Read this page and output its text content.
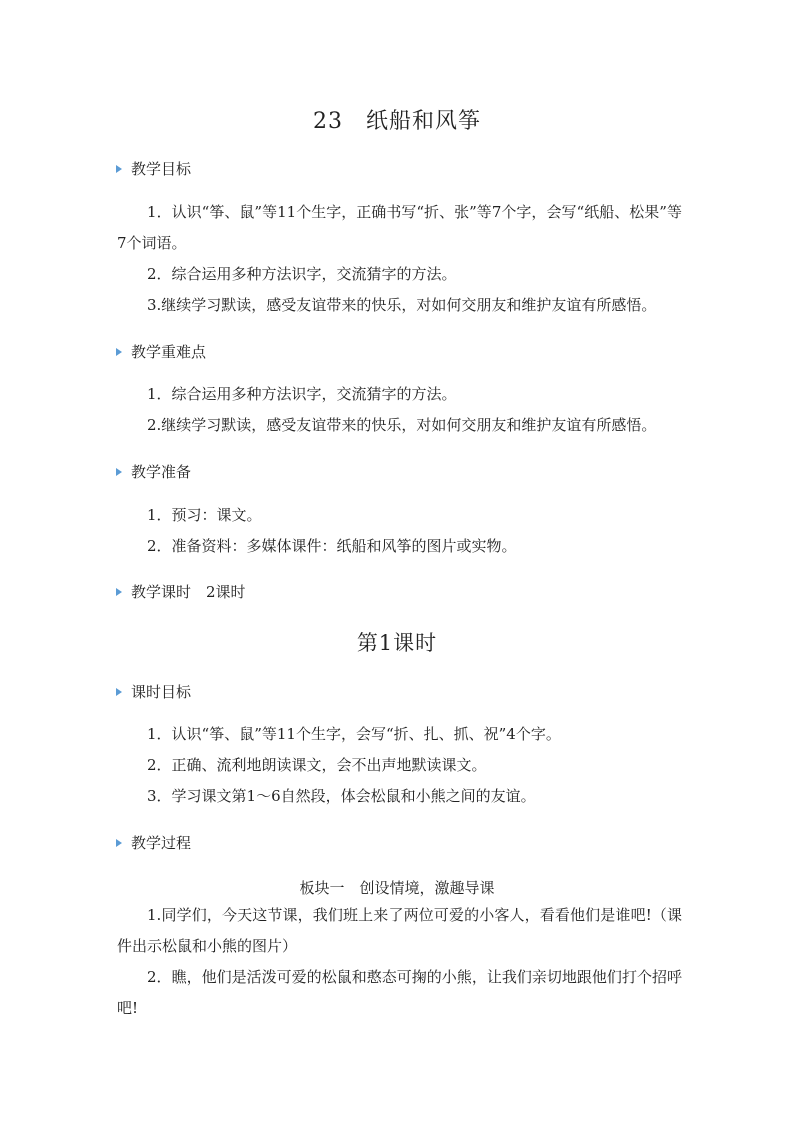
23　纸船和风筝
教学目标
1．认识“筝、鼠”等11个生字，正确书写“折、张”等7个字，会写“纸船、松果”等7个词语。
2．综合运用多种方法识字，交流猜字的方法。
3.继续学习默读，感受友谊带来的快乐，对如何交朋友和维护友谊有所感悟。
教学重难点
1．综合运用多种方法识字，交流猜字的方法。
2.继续学习默读，感受友谊带来的快乐，对如何交朋友和维护友谊有所感悟。
教学准备
1．预习：课文。
2．准备资料：多媒体课件：纸船和风筝的图片或实物。
教学课时　2课时
第1课时
课时目标
1．认识“筝、鼠”等11个生字，会写“折、扎、抓、祝”4个字。
2．正确、流利地朗读课文，会不出声地默读课文。
3．学习课文第1～6自然段，体会松鼠和小熊之间的友谊。
教学过程
板块一　创设情境，激趣导课
1.同学们，今天这节课，我们班上来了两位可爱的小客人，看看他们是谁吧!（课件出示松鼠和小熊的图片）
2．瞧，他们是活泼可爱的松鼠和憨态可掬的小熊，让我们亲切地跟他们打个招呼吧!
